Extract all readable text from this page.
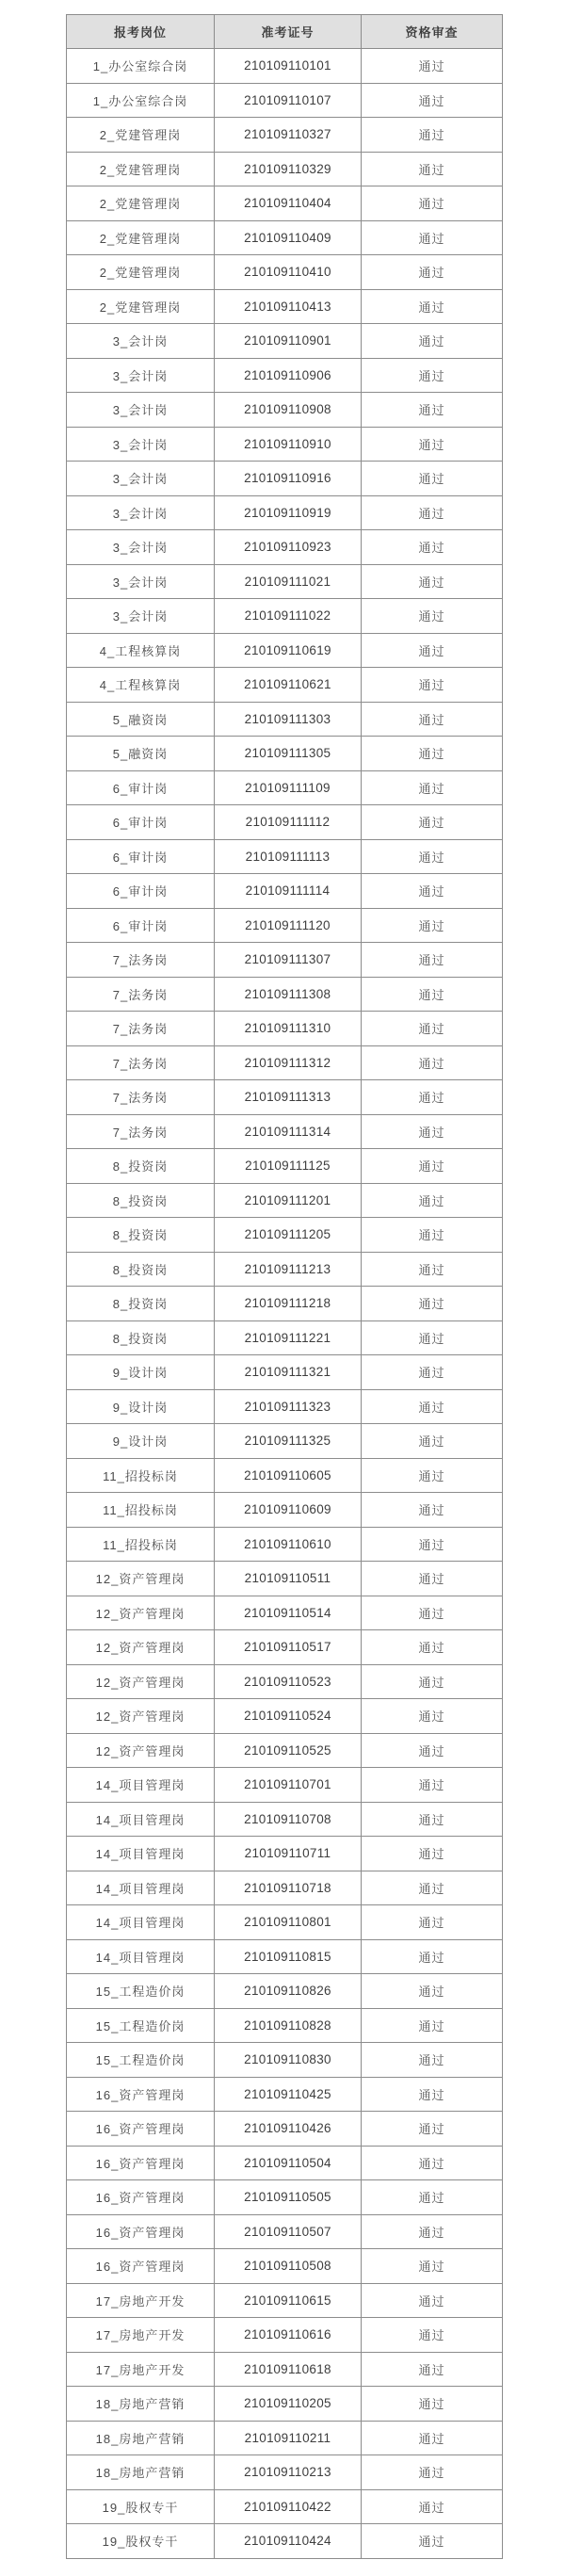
报考岗位	准考证号	资格审查
1_办公室综合岗	210109110101	通过
1_办公室综合岗	210109110107	通过
2_党建管理岗	210109110327	通过
2_党建管理岗	210109110329	通过
2_党建管理岗	210109110404	通过
2_党建管理岗	210109110409	通过
2_党建管理岗	210109110410	通过
2_党建管理岗	210109110413	通过
3_会计岗	210109110901	通过
3_会计岗	210109110906	通过
3_会计岗	210109110908	通过
3_会计岗	210109110910	通过
3_会计岗	210109110916	通过
3_会计岗	210109110919	通过
3_会计岗	210109110923	通过
3_会计岗	210109111021	通过
3_会计岗	210109111022	通过
4_工程核算岗	210109110619	通过
4_工程核算岗	210109110621	通过
5_融资岗	210109111303	通过
5_融资岗	210109111305	通过
6_审计岗	210109111109	通过
6_审计岗	210109111112	通过
6_审计岗	210109111113	通过
6_审计岗	210109111114	通过
6_审计岗	210109111120	通过
7_法务岗	210109111307	通过
7_法务岗	210109111308	通过
7_法务岗	210109111310	通过
7_法务岗	210109111312	通过
7_法务岗	210109111313	通过
7_法务岗	210109111314	通过
8_投资岗	210109111125	通过
8_投资岗	210109111201	通过
8_投资岗	210109111205	通过
8_投资岗	210109111213	通过
8_投资岗	210109111218	通过
8_投资岗	210109111221	通过
9_设计岗	210109111321	通过
9_设计岗	210109111323	通过
9_设计岗	210109111325	通过
11_招投标岗	210109110605	通过
11_招投标岗	210109110609	通过
11_招投标岗	210109110610	通过
12_资产管理岗	210109110511	通过
12_资产管理岗	210109110514	通过
12_资产管理岗	210109110517	通过
12_资产管理岗	210109110523	通过
12_资产管理岗	210109110524	通过
12_资产管理岗	210109110525	通过
14_项目管理岗	210109110701	通过
14_项目管理岗	210109110708	通过
14_项目管理岗	210109110711	通过
14_项目管理岗	210109110718	通过
14_项目管理岗	210109110801	通过
14_项目管理岗	210109110815	通过
15_工程造价岗	210109110826	通过
15_工程造价岗	210109110828	通过
15_工程造价岗	210109110830	通过
16_资产管理岗	210109110425	通过
16_资产管理岗	210109110426	通过
16_资产管理岗	210109110504	通过
16_资产管理岗	210109110505	通过
16_资产管理岗	210109110507	通过
16_资产管理岗	210109110508	通过
17_房地产开发	210109110615	通过
17_房地产开发	210109110616	通过
17_房地产开发	210109110618	通过
18_房地产营销	210109110205	通过
18_房地产营销	210109110211	通过
18_房地产营销	210109110213	通过
19_股权专干	210109110422	通过
19_股权专干	210109110424	通过
